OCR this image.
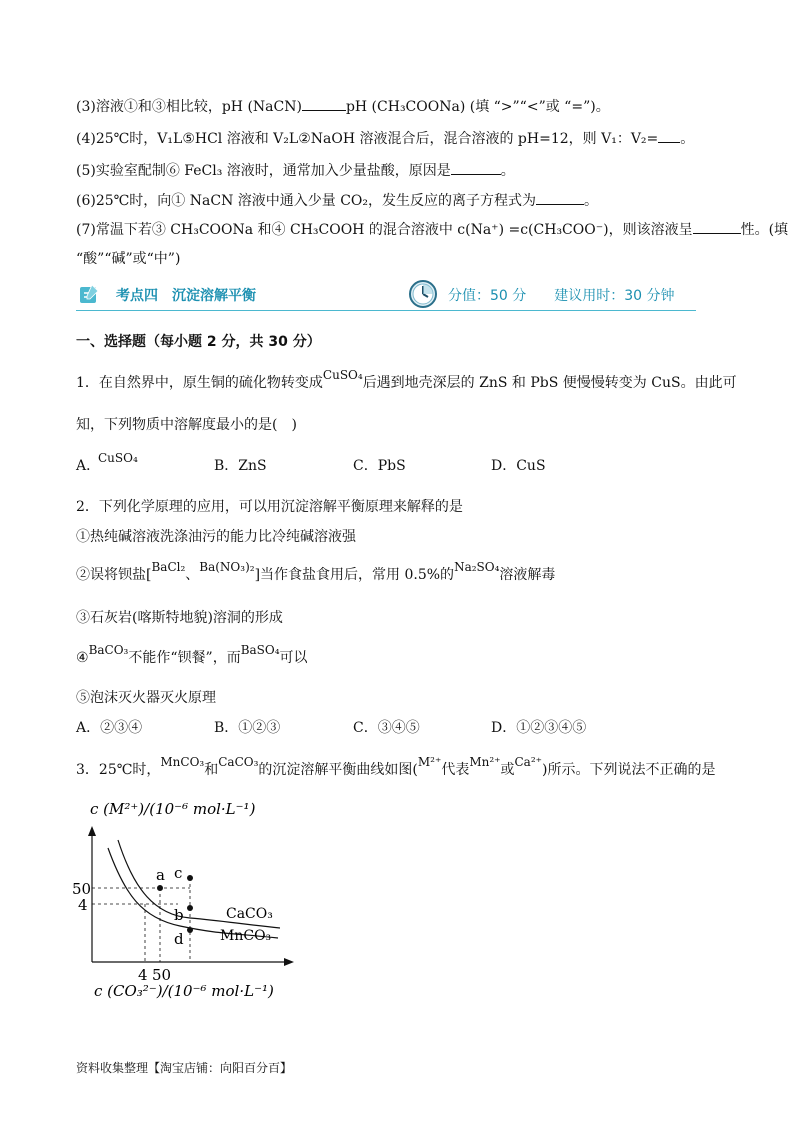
(3)溶液①和③相比较，pH (NaCN)	pH (CH₃COONa) (填 “>”“<”或 “=”)。
(4)25℃时，V₁L⑤HCl 溶液和 V₂L②NaOH 溶液混合后，混合溶液的 pH=12，则 V₁：V₂= 。
(5)实验室配制⑥ FeCl₃ 溶液时，通常加入少量盐酸，原因是	。
(6)25℃时，向① NaCN 溶液中通入少量 CO₂，发生反应的离子方程式为	。
(7)常温下若③ CH₃COONa 和④ CH₃COOH 的混合溶液中 c(Na⁺) =c(CH₃COO⁻)，则该溶液呈	性。(填
“酸”“碱”或“中”)
考点四　沉淀溶解平衡	分值：50 分　　建议用时：30 分钟
一、选择题（每小题 2 分，共 30 分）
1．在自然界中，原生铜的硫化物转变成CuSO₄后遇到地壳深层的 ZnS 和 PbS 便慢慢转变为 CuS。由此可
知，下列物质中溶解度最小的是(　)
A．
CuSO₄	B．ZnS	C．PbS	D．CuS
2．下列化学原理的应用，可以用沉淀溶解平衡原理来解释的是
①热纯碱溶液洗涤油污的能力比冷纯碱溶液强
②误将钡盐[BaCl₂、Ba(NO₃)₂]当作食盐食用后，常用 0.5%的Na₂SO₄溶液解毒
③石灰岩(喀斯特地貌)溶洞的形成
④BaCO₃不能作“钡餐”，而BaSO₄可以
⑤泡沫灭火器灭火原理
A．②③④	B．①②③	C．③④⑤	D．①②③④⑤
3．25℃时，MnCO₃和CaCO₃的沉淀溶解平衡曲线如图(M²⁺代表Mn²⁺或Ca²⁺)所示。下列说法不正确的是
c (M²⁺)/(10⁻⁶ mol·L⁻¹)
a c
b
d
CaCO₃
MnCO₃
50
4
4 50
c (CO₃²⁻)/(10⁻⁶ mol·L⁻¹)
资料收集整理【淘宝店铺：向阳百分百】
